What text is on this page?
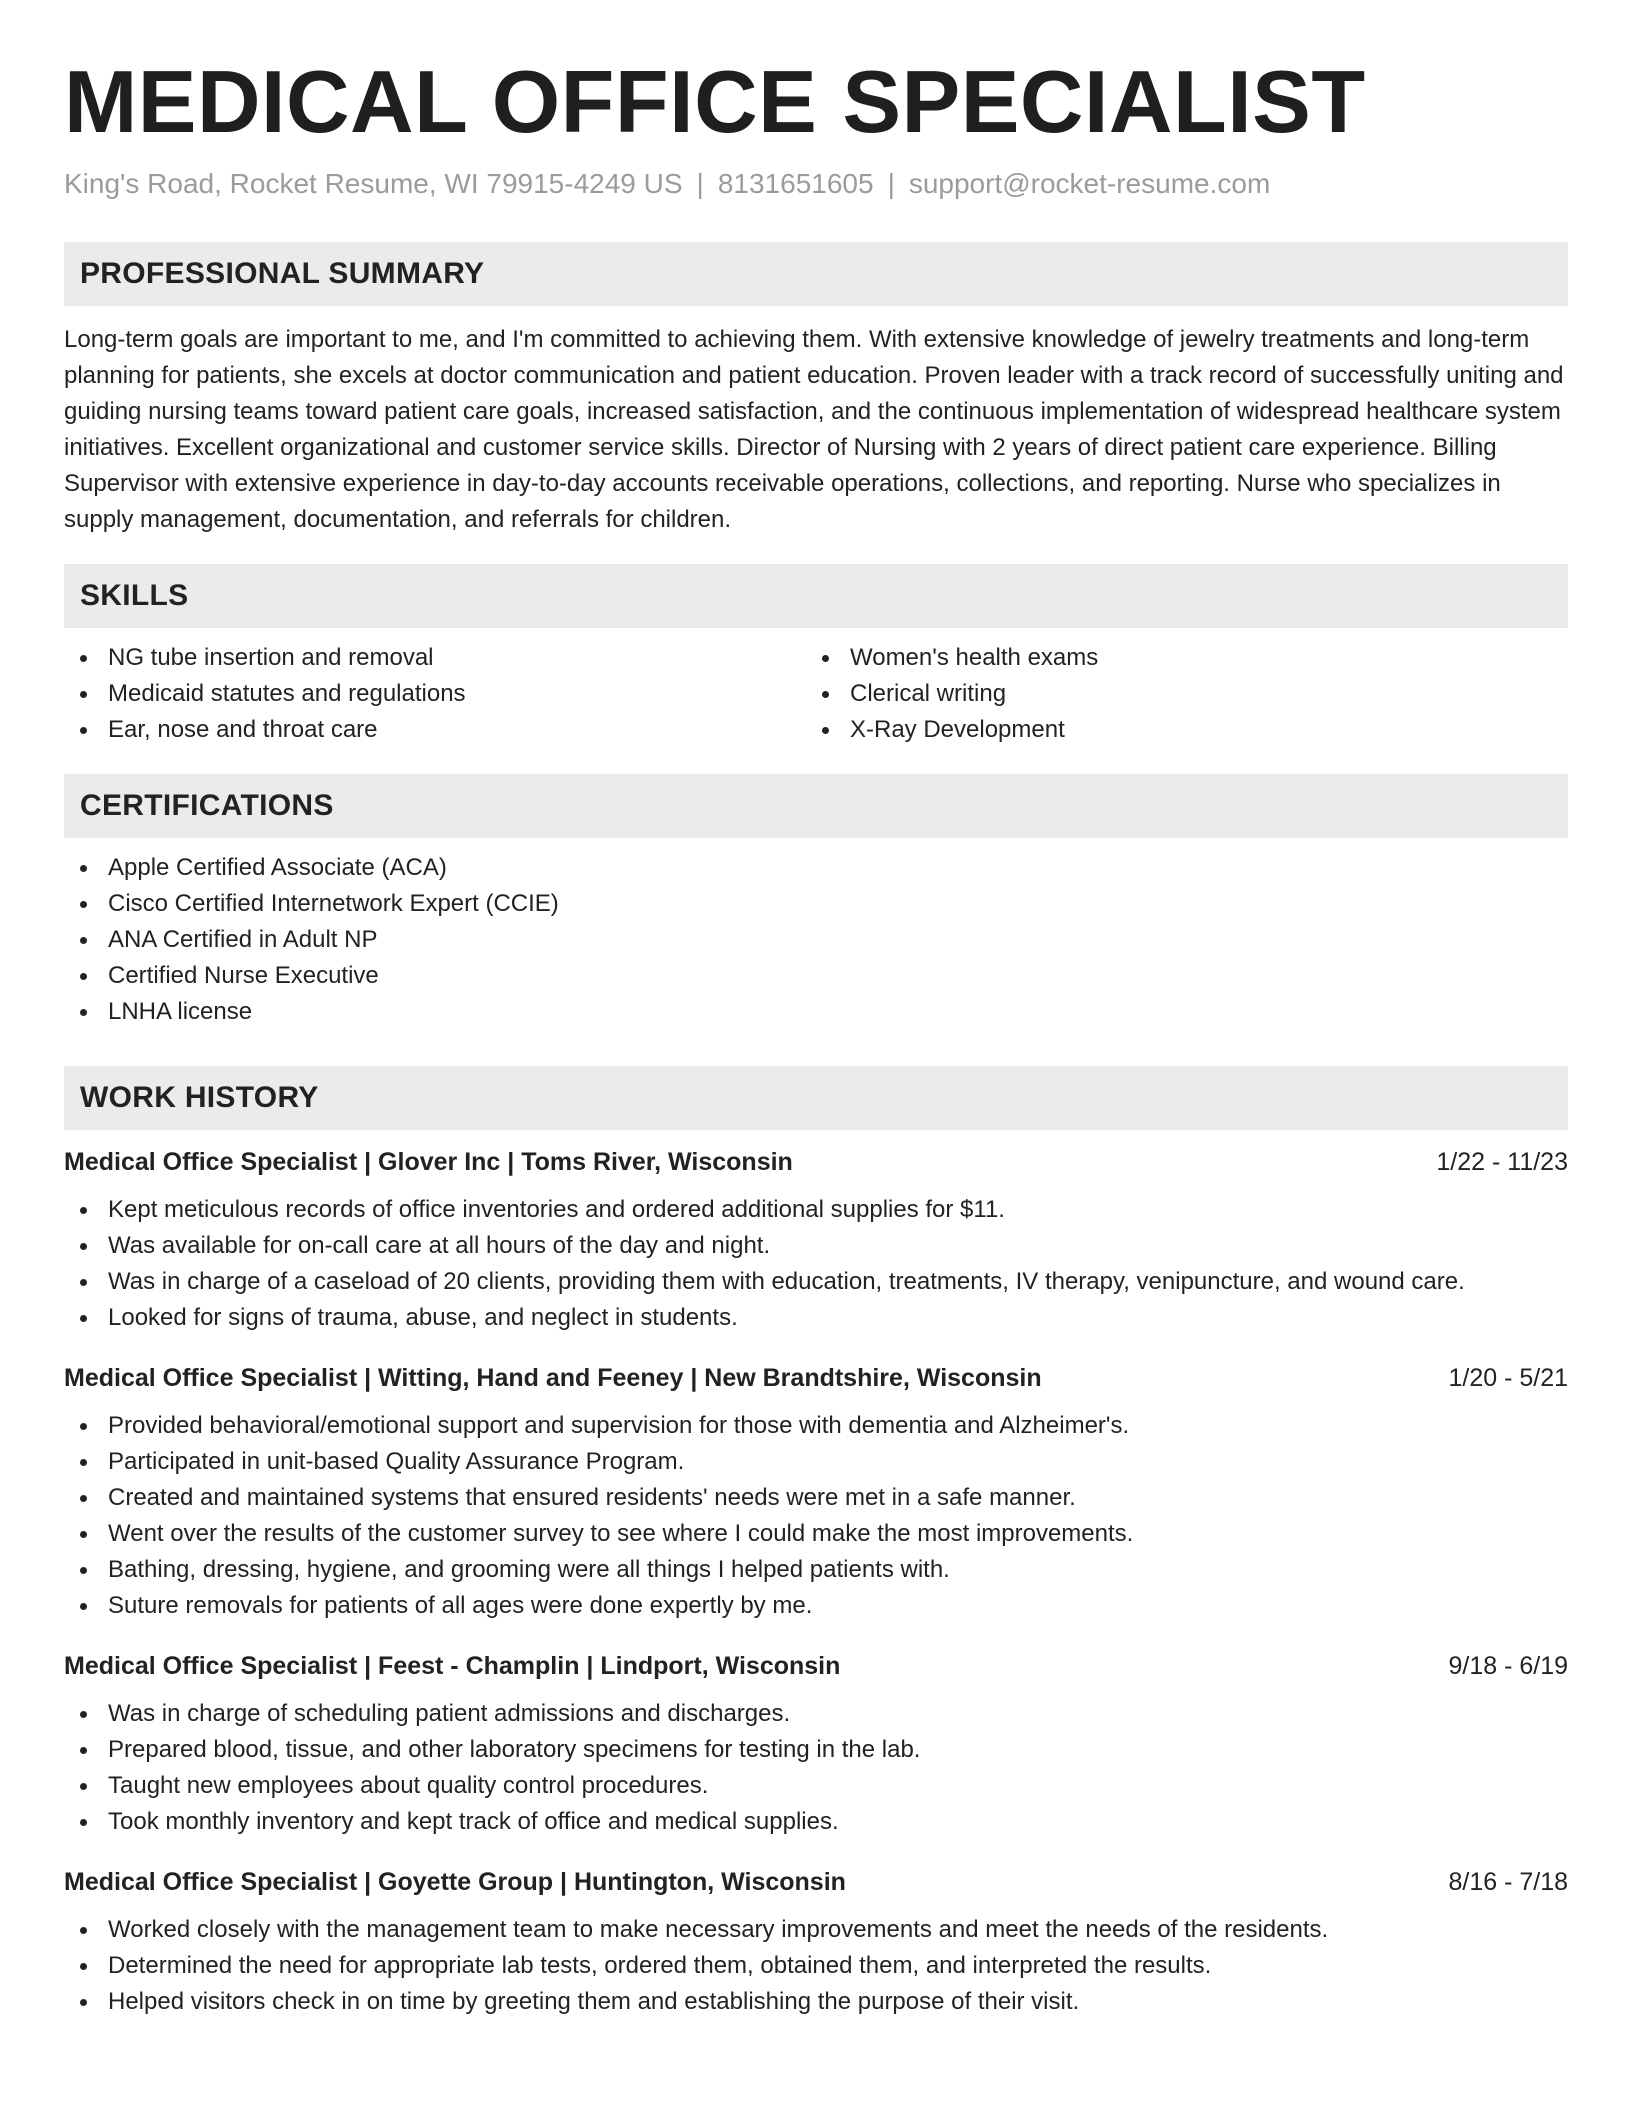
MEDICAL OFFICE SPECIALIST
King's Road, Rocket Resume, WI 79915-4249 US | 8131651605 | support@rocket-resume.com
PROFESSIONAL SUMMARY
Long-term goals are important to me, and I'm committed to achieving them. With extensive knowledge of jewelry treatments and long-term planning for patients, she excels at doctor communication and patient education. Proven leader with a track record of successfully uniting and guiding nursing teams toward patient care goals, increased satisfaction, and the continuous implementation of widespread healthcare system initiatives. Excellent organizational and customer service skills. Director of Nursing with 2 years of direct patient care experience. Billing Supervisor with extensive experience in day-to-day accounts receivable operations, collections, and reporting. Nurse who specializes in supply management, documentation, and referrals for children.
SKILLS
NG tube insertion and removal
Medicaid statutes and regulations
Ear, nose and throat care
Women's health exams
Clerical writing
X-Ray Development
CERTIFICATIONS
Apple Certified Associate (ACA)
Cisco Certified Internetwork Expert (CCIE)
ANA Certified in Adult NP
Certified Nurse Executive
LNHA license
WORK HISTORY
Medical Office Specialist | Glover Inc | Toms River, Wisconsin	1/22 - 11/23
Kept meticulous records of office inventories and ordered additional supplies for $11.
Was available for on-call care at all hours of the day and night.
Was in charge of a caseload of 20 clients, providing them with education, treatments, IV therapy, venipuncture, and wound care.
Looked for signs of trauma, abuse, and neglect in students.
Medical Office Specialist | Witting, Hand and Feeney | New Brandtshire, Wisconsin	1/20 - 5/21
Provided behavioral/emotional support and supervision for those with dementia and Alzheimer's.
Participated in unit-based Quality Assurance Program.
Created and maintained systems that ensured residents' needs were met in a safe manner.
Went over the results of the customer survey to see where I could make the most improvements.
Bathing, dressing, hygiene, and grooming were all things I helped patients with.
Suture removals for patients of all ages were done expertly by me.
Medical Office Specialist | Feest - Champlin | Lindport, Wisconsin	9/18 - 6/19
Was in charge of scheduling patient admissions and discharges.
Prepared blood, tissue, and other laboratory specimens for testing in the lab.
Taught new employees about quality control procedures.
Took monthly inventory and kept track of office and medical supplies.
Medical Office Specialist | Goyette Group | Huntington, Wisconsin	8/16 - 7/18
Worked closely with the management team to make necessary improvements and meet the needs of the residents.
Determined the need for appropriate lab tests, ordered them, obtained them, and interpreted the results.
Helped visitors check in on time by greeting them and establishing the purpose of their visit.
